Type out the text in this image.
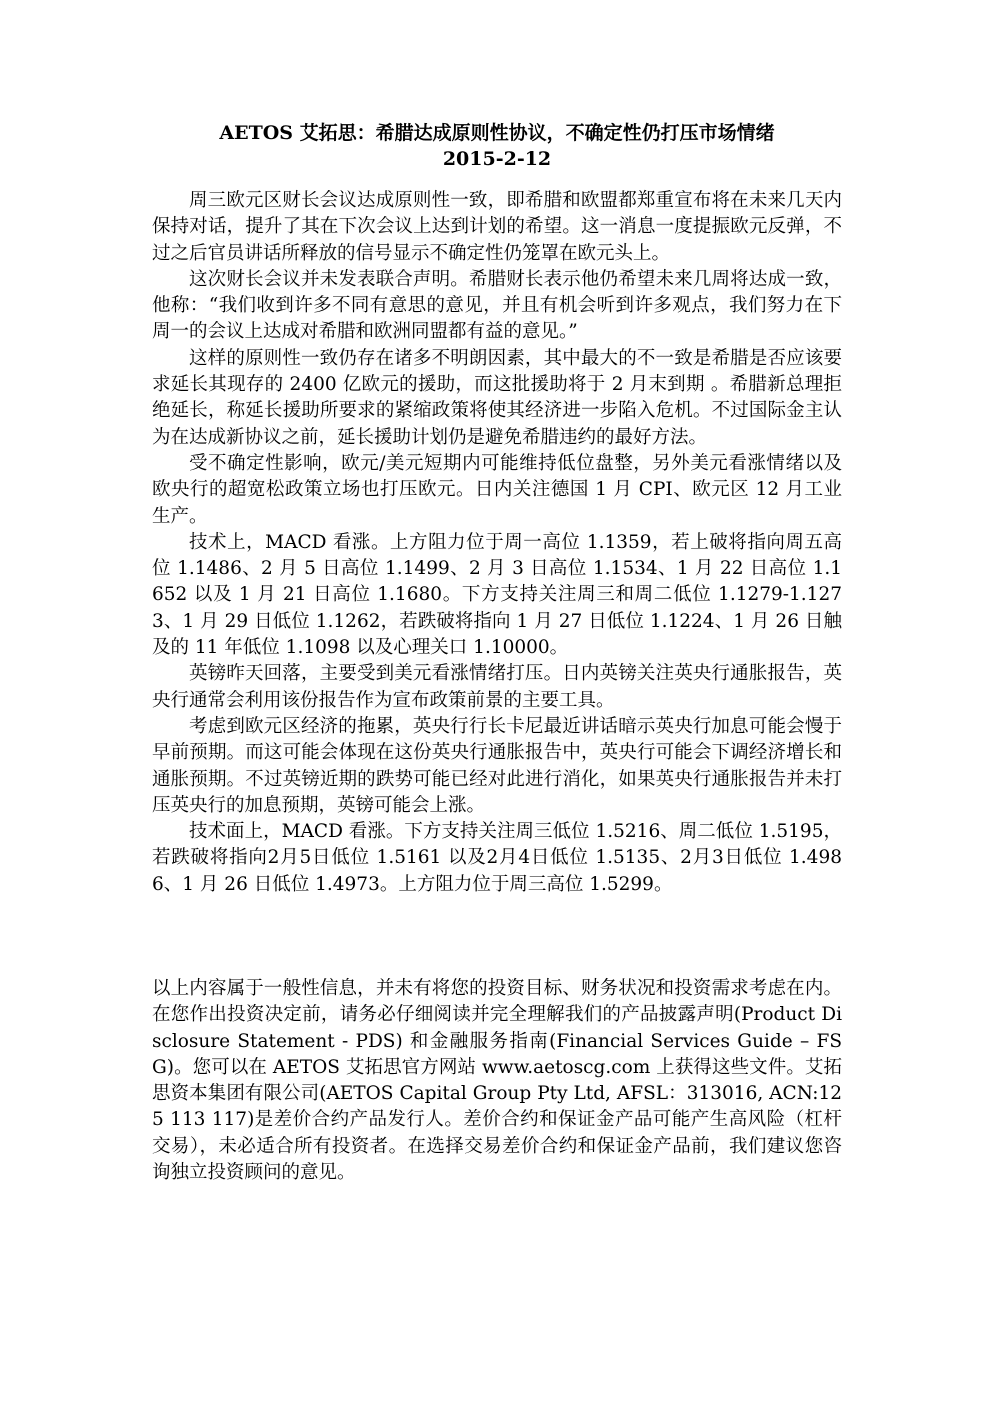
AETOS 艾拓思：希腊达成原则性协议，不确定性仍打压市场情绪
2015-2-12

周三欧元区财长会议达成原则性一致，即希腊和欧盟都郑重宣布将在未来几天内保持对话，提升了其在下次会议上达到计划的希望。这一消息一度提振欧元反弹，不过之后官员讲话所释放的信号显示不确定性仍笼罩在欧元头上。

这次财长会议并未发表联合声明。希腊财长表示他仍希望未来几周将达成一致，他称：“我们收到许多不同有意思的意见，并且有机会听到许多观点，我们努力在下周一的会议上达成对希腊和欧洲同盟都有益的意见。”

这样的原则性一致仍存在诸多不明朗因素，其中最大的不一致是希腊是否应该要求延长其现存的 2400 亿欧元的援助，而这批援助将于 2 月末到期 。希腊新总理拒绝延长，称延长援助所要求的紧缩政策将使其经济进一步陷入危机。不过国际金主认为在达成新协议之前，延长援助计划仍是避免希腊违约的最好方法。

受不确定性影响，欧元/美元短期内可能维持低位盘整，另外美元看涨情绪以及欧央行的超宽松政策立场也打压欧元。日内关注德国 1 月 CPI、欧元区 12 月工业生产。

技术上，MACD 看涨。上方阻力位于周一高位 1.1359，若上破将指向周五高位 1.1486、2 月 5 日高位 1.1499、2 月 3 日高位 1.1534、1 月 22 日高位 1.1652 以及 1 月 21 日高位 1.1680。下方支持关注周三和周二低位 1.1279-1.1273、1 月 29 日低位 1.1262，若跌破将指向 1 月 27 日低位 1.1224、1 月 26 日触及的 11 年低位 1.1098 以及心理关口 1.10000。

英镑昨天回落，主要受到美元看涨情绪打压。日内英镑关注英央行通胀报告，英央行通常会利用该份报告作为宣布政策前景的主要工具。

考虑到欧元区经济的拖累，英央行行长卡尼最近讲话暗示英央行加息可能会慢于早前预期。而这可能会体现在这份英央行通胀报告中，英央行可能会下调经济增长和通胀预期。不过英镑近期的跌势可能已经对此进行消化，如果英央行通胀报告并未打压英央行的加息预期，英镑可能会上涨。

技术面上，MACD 看涨。下方支持关注周三低位 1.5216、周二低位 1.5195，若跌破将指向2月5日低位 1.5161 以及2月4日低位 1.5135、2月3日低位 1.4986、1 月 26 日低位 1.4973。上方阻力位于周三高位 1.5299。

以上内容属于一般性信息，并未有将您的投资目标、财务状况和投资需求考虑在内。在您作出投资决定前，请务必仔细阅读并完全理解我们的产品披露声明(Product Disclosure Statement - PDS) 和金融服务指南(Financial Services Guide – FSG)。您可以在 AETOS 艾拓思官方网站 www.aetoscg.com 上获得这些文件。艾拓思资本集团有限公司(AETOS Capital Group Pty Ltd, AFSL：313016, ACN:125 113 117)是差价合约产品发行人。差价合约和保证金产品可能产生高风险（杠杆交易），未必适合所有投资者。在选择交易差价合约和保证金产品前，我们建议您咨询独立投资顾问的意见。
